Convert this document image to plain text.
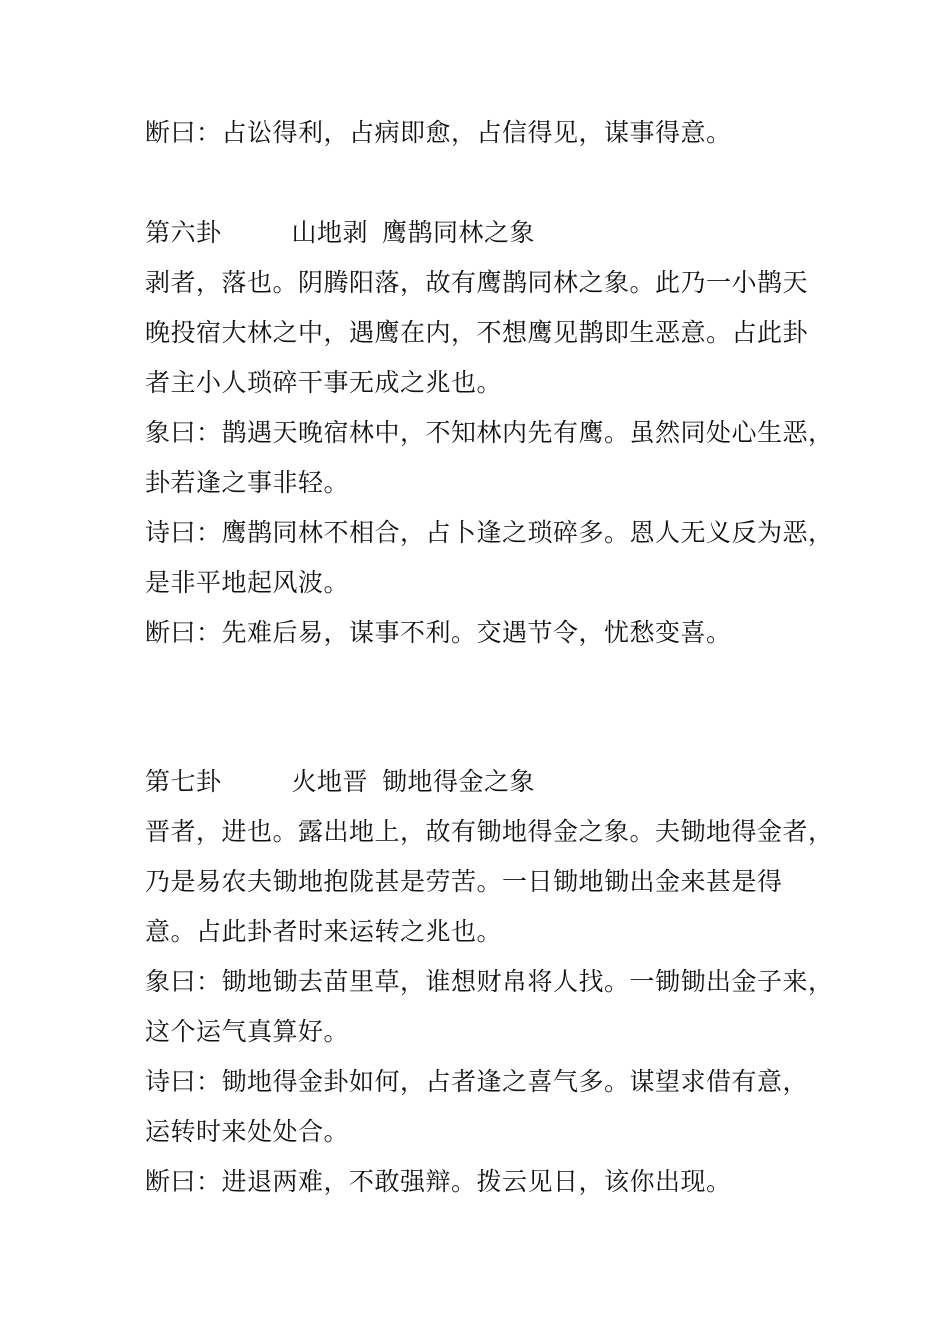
断曰：占讼得利，占病即愈，占信得见，谋事得意。
第六卦	山地剥 鹰鹊同林之象
剥者，落也。阴腾阳落，故有鹰鹊同林之象。此乃一小鹊天
晚投宿大林之中，遇鹰在内，不想鹰见鹊即生恶意。占此卦
者主小人琐碎干事无成之兆也。
象曰：鹊遇天晚宿林中，不知林内先有鹰。虽然同处心生恶，
卦若逢之事非轻。
诗曰：鹰鹊同林不相合，占卜逢之琐碎多。恩人无义反为恶，
是非平地起风波。
断曰：先难后易，谋事不利。交遇节令，忧愁变喜。
第七卦	火地晋 锄地得金之象
晋者，进也。露出地上，故有锄地得金之象。夫锄地得金者，
乃是易农夫锄地抱陇甚是劳苦。一日锄地锄出金来甚是得
意。占此卦者时来运转之兆也。
象曰：锄地锄去苗里草，谁想财帛将人找。一锄锄出金子来，
这个运气真算好。
诗曰：锄地得金卦如何，占者逢之喜气多。谋望求借有意，
运转时来处处合。
断曰：进退两难，不敢强辩。拨云见日，该你出现。
